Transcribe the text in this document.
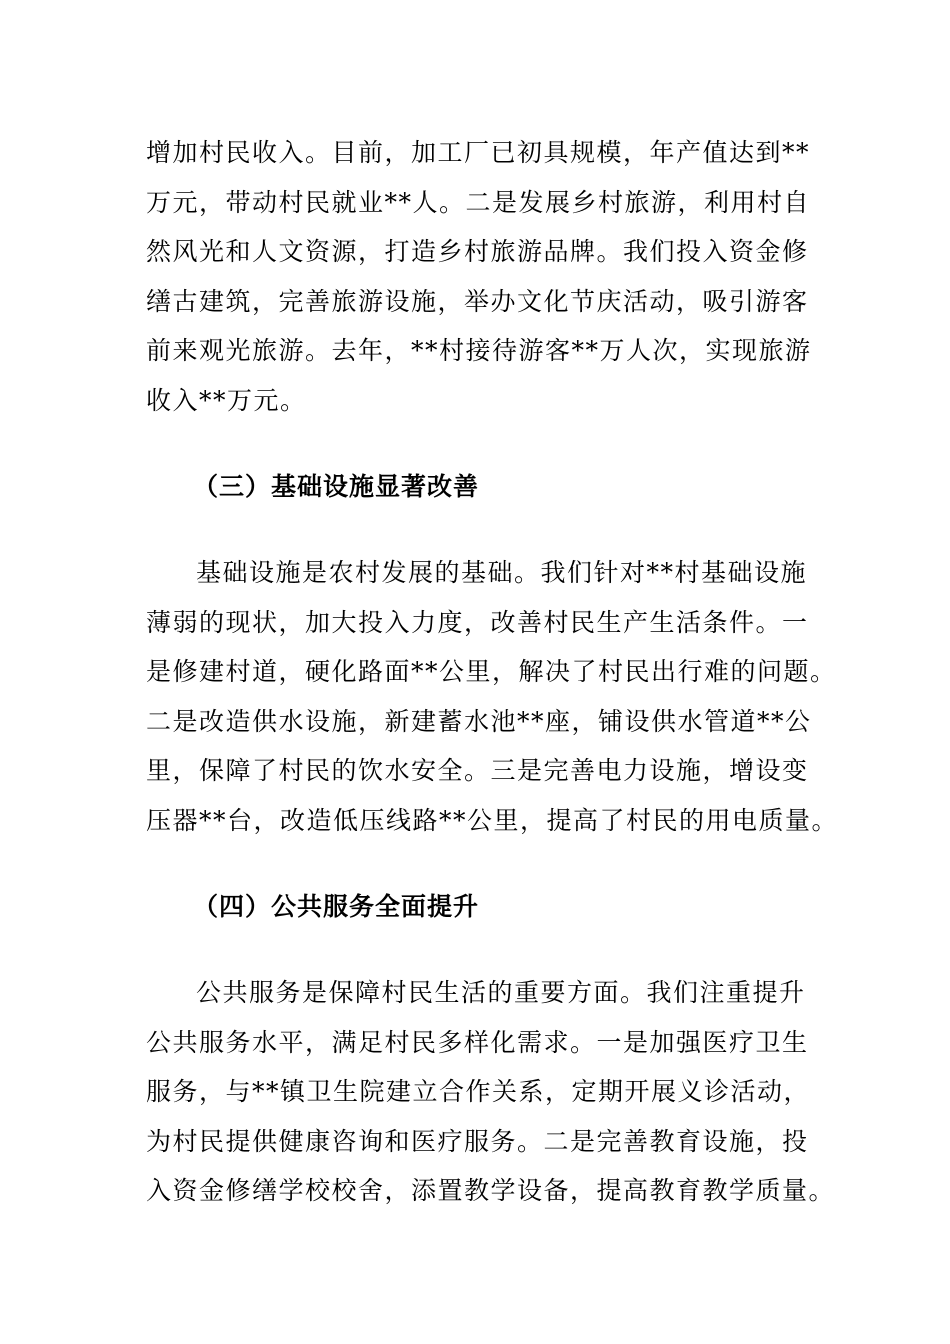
增加村民收入。目前，加工厂已初具规模，年产值达到**
万元，带动村民就业**人。二是发展乡村旅游，利用村自
然风光和人文资源，打造乡村旅游品牌。我们投入资金修
缮古建筑，完善旅游设施，举办文化节庆活动，吸引游客
前来观光旅游。去年，**村接待游客**万人次，实现旅游
收入**万元。
（三）基础设施显著改善
基础设施是农村发展的基础。我们针对**村基础设施
薄弱的现状，加大投入力度，改善村民生产生活条件。一
是修建村道，硬化路面**公里，解决了村民出行难的问题。
二是改造供水设施，新建蓄水池**座，铺设供水管道**公
里，保障了村民的饮水安全。三是完善电力设施，增设变
压器**台，改造低压线路**公里，提高了村民的用电质量。
（四）公共服务全面提升
公共服务是保障村民生活的重要方面。我们注重提升
公共服务水平，满足村民多样化需求。一是加强医疗卫生
服务，与**镇卫生院建立合作关系，定期开展义诊活动，
为村民提供健康咨询和医疗服务。二是完善教育设施，投
入资金修缮学校校舍，添置教学设备，提高教育教学质量。
